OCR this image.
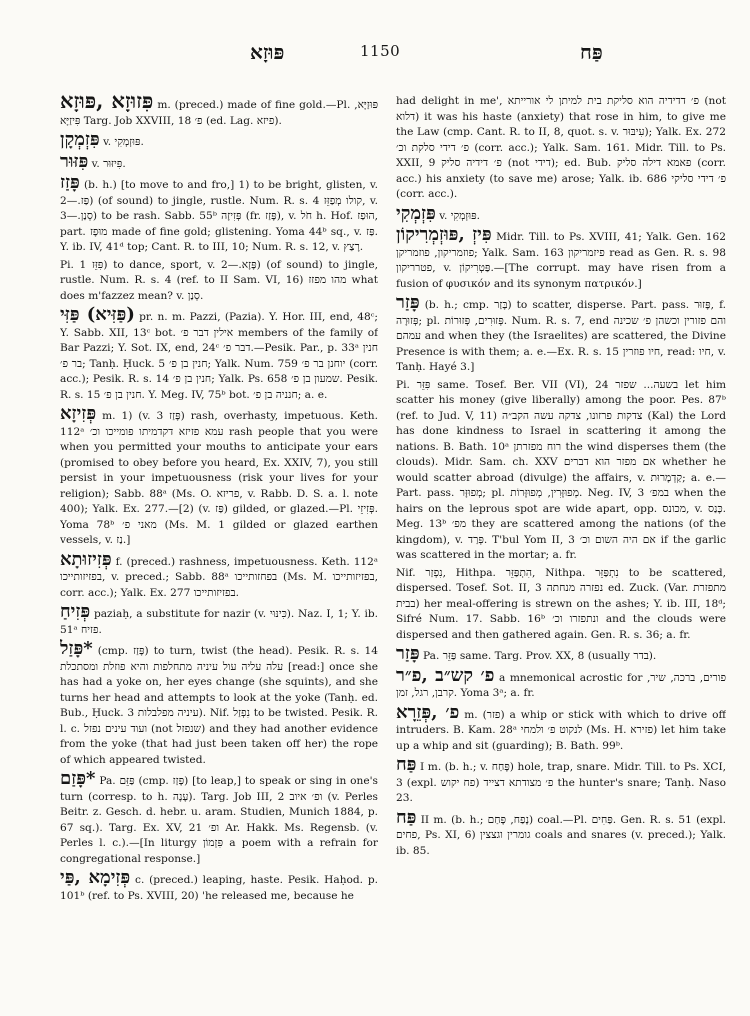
פּוּזָא	1150	פַּח
פִּזוּזָא ,פּוּזָא m. (preced.) made of fine gold.—Pl. פּוּזַיָּא, פִּיזַיָּא Targ. Job XXVIII, 18 פ׳ (ed. Lag. פיזא).
פִּזְמְקָן v. פּוּזְמְקִי.
פִּזּוּר v. פִּיזּוּר.
פָּזַז (b. h.) [to move to and fro,] 1) to be bright, glisten, v. פַּז.—2) (of sound) to jingle, rustle. Num. R. s. 4 קולו מְפַזֵּז, v. סְנַן.—3) to be rash. Sabb. 55ᵇ פְּזִיזָה (fr. פָּזַז), v. חֹל h. Hof. הוּפַז, part. מוּפָז made of fine gold; glistening. Yoma 44ᵇ sq., v. פַּז. Y. ib. IV, 41ᵈ top; Cant. R. to III, 10; Num. R. s. 12, v. רָצַץ.
Pi. פִּזֵּז 1) to dance, sport, v. פָּזָא.—2) (of sound) to jingle, rustle. Num. R. s. 4 (ref. to II Sam. VI, 16) מהו מפזז what does m'fazzez mean? v. סְנַן.
(פַּזִּיא) פַּזִּי pr. n. m. Pazzi, (Pazia). Y. Hor. III, end, 48ᶜ; Y. Sabb. XII, 13ᶜ bot. אילין דבר פ׳ members of the family of Bar Pazzi; Y. Sot. IX, end, 24ᶜ דבר פ׳.—Pesik. Par., p. 33ᵃ חנין בר פ׳; Tanḥ. Ḥuck. 5 חנין בן פ׳; Yalk. Num. 759 יוחנן בר פ׳ (corr. acc.); Pesik. R. s. 14 חנין בן פ׳; Yalk. Ps. 658 שמעון בן פ׳. Pesik. R. s. 15 חנין בן פ׳. Y. Meg. IV, 75ᵇ bot. חנניה בן פ׳; a. e.
פְּזִיזָא m. 1) (v. פָּזַז 3) rash, overhasty, impetuous. Keth. 112ᵃ עמא פזיזא דקדמיתו פומייכו וכ׳ rash people that you were when you permitted your mouths to anticipate your ears (promised to obey before you heard, Ex. XXIV, 7), you still persist in your impetuousness (risk your lives for your religion); Sabb. 88ᵃ (Ms. O. פריזא, v. Rabb. D. S. a. l. note 400); Yalk. Ex. 277.—[2) (v. פַּז) gilded, or glazed.—Pl. פְּזִיזֵי. Yoma 78ᵇ מאני פ׳ (Ms. M. 1 gilded or glazed earthen vessels, v. נַז.]
פְּזִיזוּתָא f. (preced.) rashness, impetuousness. Keth. 112ᵃ בפזיזותייכו, v. preced.; Sabb. 88ᵃ בפחזותייכו (Ms. M. בפזיזותייכו, corr. acc.); Yalk. Ex. 277 בפזיזותייכו.
פְּזִיחַ paziaḥ, a substitute for nazir (v. כִּינּוּי). Naz. I, 1; Y. ib. 51ᵃ פזיח.
*פָּזַל (cmp. פָּזַז) to turn, twist (the head). Pesik. R. s. 14 עלה עליה עול עיניה מתחלפות והיא פוזלת ומסתכלת [read:] once she has had a yoke on, her eyes change (she squints), and she turns her head and attempts to look at the yoke (Tanḥ. ed. Bub., Ḥuck. 3 עיניה מפלבלות). Nif. נִפְזַל to be twisted. Pesik. R. l. c. ועוד עינים נפזל (not שנפזל) and they had another evidence from the yoke (that had just been taken off her) the rope of which appeared twisted.
*פָּזַם Pa. פַּזֵּם (cmp. פָּזַז) [to leap,] to speak or sing in one's turn (corresp. to h. עָנָה). Targ. Job III, 2 ופ׳ איוב (v. Perles Beitr. z. Gesch. d. hebr. u. aram. Studien, Munich 1884, p. 67 sq.). Targ. Ex. XV, 21 ופ׳ Ar. Hakk. Ms. Regensb. (v. Perles l. c.).—[In liturgy פִּזְמוֹן a poem with a refrain for congregational response.]
פְּזִימָא ,פַּי c. (preced.) leaping, haste. Pesik. Haḥod. p. 101ᵇ (ref. to Ps. XVIII, 20) 'he released me, because he
had delight in me', פ׳ דדידיה הוא סליקת בית למיתן לי אורייתא (not דלוא) it was his haste (anxiety) that rose in him, to give me the Law (cmp. Cant. R. to II, 8, quot. s. v. עִיבּוּר); Yalk. Ex. 272 פ׳ דידי סלקת וכ׳ (corr. acc.); Yalk. Sam. 161. Midr. Till. to Ps. XXII, 9 פ׳ דידיה סליק (not דידי); ed. Bub. פאמא דילה סליק (corr. acc.) his anxiety (to save me) arose; Yalk. ib. 686 פ׳ דידי סליקי (corr. acc.).
פִּזְמְקִי v. פּוּזְמְקִי.
פִּיזְ ,פּוּזְמְרִיקוֹן Midr. Till. to Ps. XVIII, 41; Yalk. Gen. 162 פוזמריקון, פוזמריקן; Yalk. Sam. 163 פיזמריקון read as Gen. R. s. 98 פטרריקון, v. פַּטְרִיקוֹן.—[The corrupt. may have risen from a fusion of φυσικόν and its synonym πατρικόν.]
פָּזַר (b. h.; cmp. בָּזַר) to scatter, disperse. Part. pass. פָּזוּר, f. פְּזוּרָה; pl. פְּזוּרִים, פְּזוּרוֹת. Num. R. s. 7, end והם פזורין וכשהן פ׳ שכינה עמהם and when they (the Israelites) are scattered, the Divine Presence is with them; a. e.—Ex. R. s. 15 חיו פוזרין, read: חיו, v. Tanḥ. Hayé 3.]
Pi. פִּזֵּר same. Tosef. Ber. VII (VI), 24 בשעה... שפזר let him scatter his money (give liberally) among the poor. Pes. 87ᵇ (ref. to Jud. V, 11) צדקות פרזונו, צדקה עשה הקב״ה (Kal) the Lord has done kindness to Israel in scattering it among the nations. B. Bath. 10ᵃ רוח מפזרתן the wind disperses them (the clouds). Midr. Sam. ch. XXV אם מפזר הוא דברים whether he would scatter abroad (divulge) the affairs, v. קַדְמָרוּת; a. e.—Part. pass. מְפוּזָּר; pl. מְפוּזָּרִין, מְפוּזָּרוֹת. Neg. IV, 3 במפ׳ when the hairs on the leprous spot are wide apart, opp. מכונס, v. כָּנַס. Meg. 13ᵇ מפ׳ they are scattered among the nations (of the kingdom), v. פְּרַד. T'bul Yom II, 3 אם היה השום וכ׳ if the garlic was scattered in the mortar; a. fr.
Nif. נִפְזַר, Hithpa. הִתְפַּזֵּר, Nithpa. נִתְפַּזֵּר to be scattered, dispersed. Tosef. Sot. II, 3 נפזרה מנחתה ed. Zuck. (Var. מתפזרת בבית) her meal-offering is strewn on the ashes; Y. ib. III, 18ᵈ; Sifré Num. 17. Sabb. 16ᵇ ונתפזרו וכ׳ and the clouds were dispersed and then gathered again. Gen. R. s. 36; a. fr.
פָּזַר Pa. פַּזֵּר same. Targ. Prov. XX, 8 (usually בדר).
פ׳ קש״ב ,פ״ר a mnemonical acrostic for פורים, ברכה, שיר, קרבן, רגל, זמן. Yoma 3ᵃ; a. fr.
פ׳ ,פְּזֵרָא m. (פזר) a whip or stick with which to drive off intruders. B. Kam. 28ᵃ לנקוט פ׳ ולמחי (Ms. H. פזירא) let him take up a whip and sit (guarding); B. Bath. 99ᵇ.
פַּח I m. (b. h.; v. פָּחַח) hole, trap, snare. Midr. Till. to Ps. XCI, 3 (expl. פח יקוש) פ׳ מצודתא דצייד the hunter's snare; Tanḥ. Naso 23.
פַּח II m. (b. h.; נָפַח, פָּחַם) coal.—Pl. פַּחִים. Gen. R. s. 51 (expl. פחים, Ps. XI, 6) גומרין וגצצין coals and snares (v. preced.); Yalk. ib. 85.
